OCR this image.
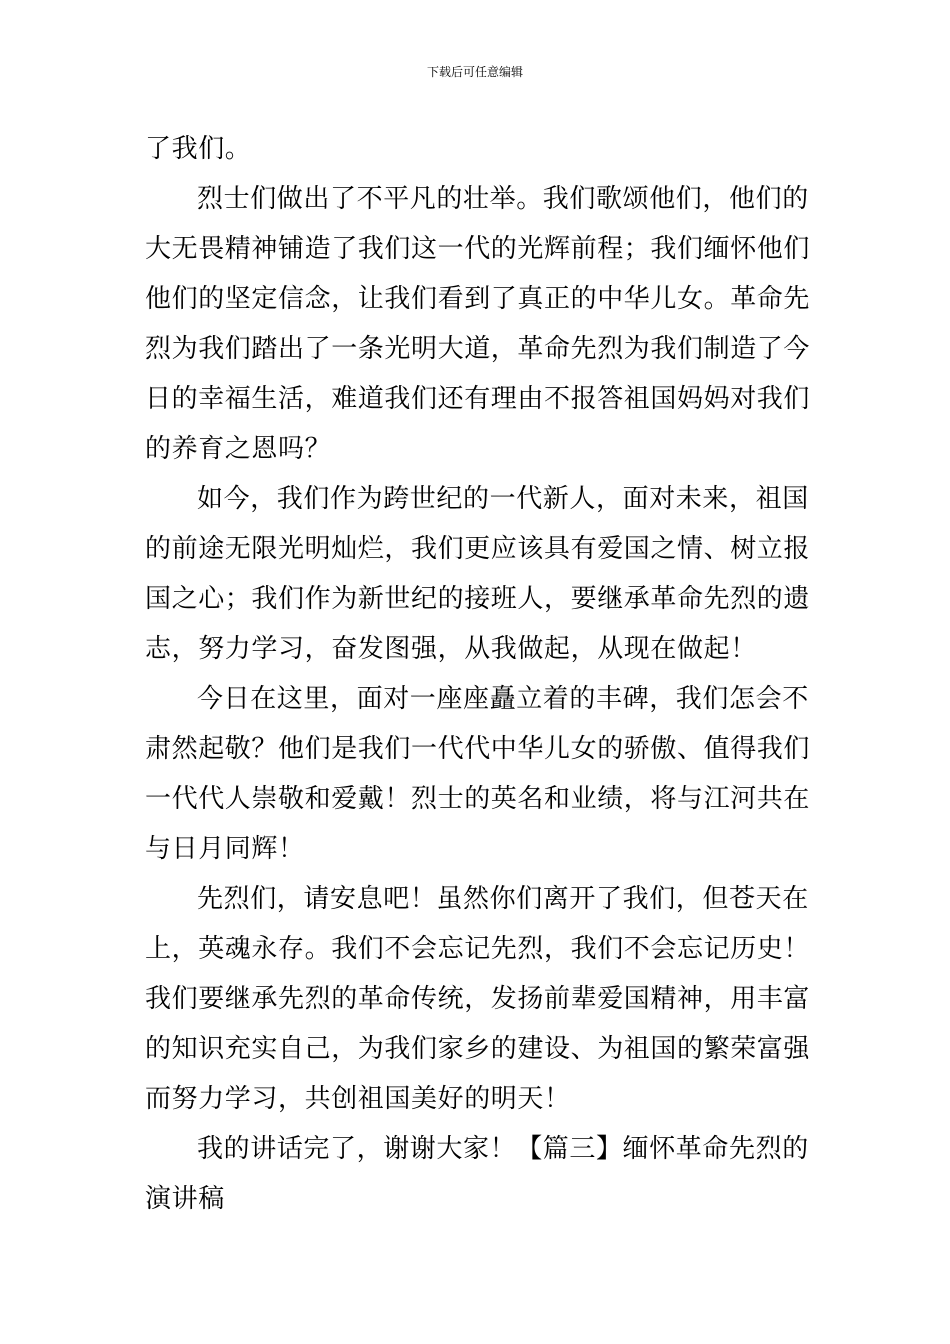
下载后可任意编辑
了我们。
烈士们做出了不平凡的壮举。我们歌颂他们，他们的
大无畏精神铺造了我们这一代的光辉前程；我们缅怀他们
他们的坚定信念，让我们看到了真正的中华儿女。革命先
烈为我们踏出了一条光明大道，革命先烈为我们制造了今
日的幸福生活，难道我们还有理由不报答祖国妈妈对我们
的养育之恩吗？
如今，我们作为跨世纪的一代新人，面对未来，祖国
的前途无限光明灿烂，我们更应该具有爱国之情、树立报
国之心；我们作为新世纪的接班人，要继承革命先烈的遗
志，努力学习，奋发图强，从我做起，从现在做起！
今日在这里，面对一座座矗立着的丰碑，我们怎会不
肃然起敬？他们是我们一代代中华儿女的骄傲、值得我们
一代代人崇敬和爱戴！烈士的英名和业绩，将与江河共在
与日月同辉！
先烈们，请安息吧！虽然你们离开了我们，但苍天在
上，英魂永存。我们不会忘记先烈，我们不会忘记历史！
我们要继承先烈的革命传统，发扬前辈爱国精神，用丰富
的知识充实自己，为我们家乡的建设、为祖国的繁荣富强
而努力学习，共创祖国美好的明天！
我的讲话完了，谢谢大家！【篇三】缅怀革命先烈的
演讲稿
